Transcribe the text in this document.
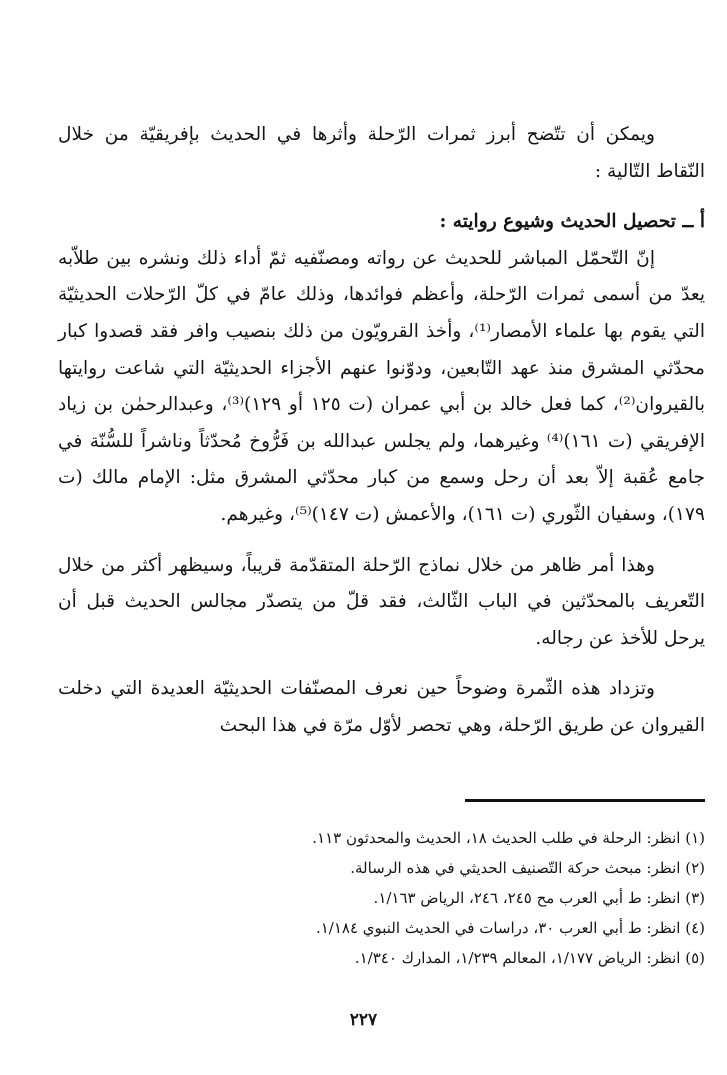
ويمكن أن تتّضح أبرز ثمرات الرّحلة وأثرها في الحديث بإفريقيّة من خلال النّقاط التّالية :

أ ــ تحصيل الحديث وشيوع روايته :

إنّ التّحمّل المباشر للحديث عن رواته ومصنّفيه ثمّ أداء ذلك ونشره بين طلاّبه يعدّ من أسمى ثمرات الرّحلة، وأعظم فوائدها، وذلك عامّ في كلّ الرّحلات الحديثيّة التي يقوم بها علماء الأمصار⁽¹⁾، وأخذ القرويّون من ذلك بنصيب وافر فقد قصدوا كبار محدّثي المشرق منذ عهد التّابعين، ودوّنوا عنهم الأجزاء الحديثيّة التي شاعت روايتها بالقيروان⁽²⁾، كما فعل خالد بن أبي عمران (ت ١٢٥ أو ١٢٩)⁽³⁾، وعبدالرحمٰن بن زياد الإفريقي (ت ١٦١)⁽⁴⁾ وغيرهما، ولم يجلس عبدالله بن فَرُّوخ مُحدّثاً وناشراً للسُّنّة في جامع عُقبة إلاّ بعد أن رحل وسمع من كبار محدّثي المشرق مثل: الإمام مالك (ت ١٧٩)، وسفيان الثّوري (ت ١٦١)، والأعمش (ت ١٤٧)⁽⁵⁾، وغيرهم.

وهذا أمر ظاهر من خلال نماذج الرّحلة المتقدّمة قريباً، وسيظهر أكثر من خلال التّعريف بالمحدّثين في الباب الثّالث، فقد قلّ من يتصدّر مجالس الحديث قبل أن يرحل للأخذ عن رجاله.

وتزداد هذه الثّمرة وضوحاً حين نعرف المصنّفات الحديثيّة العديدة التي دخلت القيروان عن طريق الرّحلة، وهي تحصر لأوّل مرّة في هذا البحث

(١) انظر: الرحلة في طلب الحديث ١٨، الحديث والمحدثون ١١٣.
(٢) انظر: مبحث حركة التّصنيف الحديثي في هذه الرسالة.
(٣) انظر: ط أبي العرب مح ٢٤٥، ٢٤٦، الرياض ١/١٦٣.
(٤) انظر: ط أبي العرب ٣٠، دراسات في الحديث النبوي ١/١٨٤.
(٥) انظر: الرياض ١/١٧٧، المعالم ١/٢٣٩، المدارك ١/٣٤٠.
٢٢٧
